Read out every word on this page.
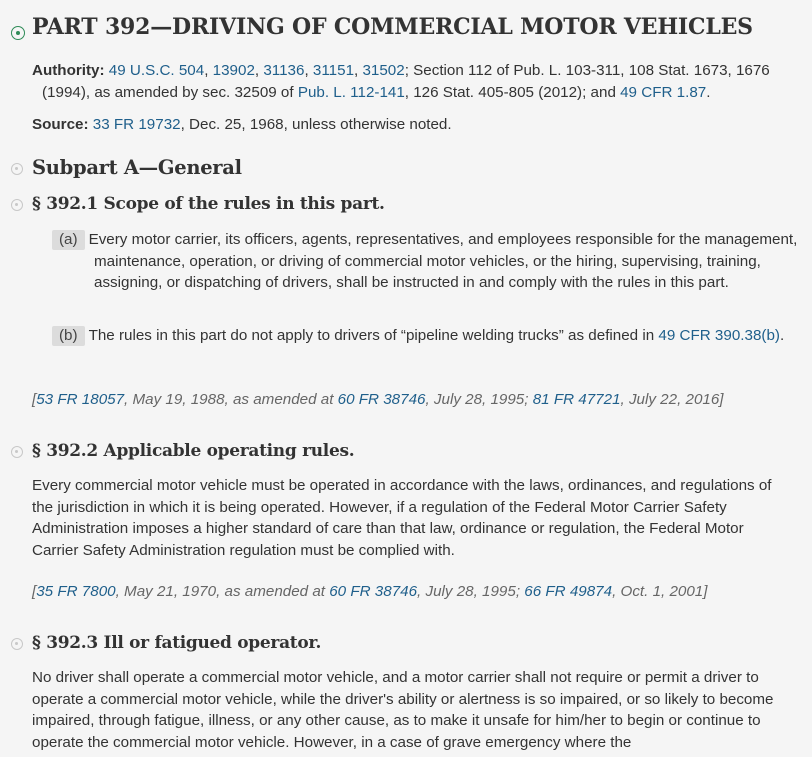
PART 392—DRIVING OF COMMERCIAL MOTOR VEHICLES
Authority: 49 U.S.C. 504, 13902, 31136, 31151, 31502; Section 112 of Pub. L. 103-311, 108 Stat. 1673, 1676 (1994), as amended by sec. 32509 of Pub. L. 112-141, 126 Stat. 405-805 (2012); and 49 CFR 1.87.
Source: 33 FR 19732, Dec. 25, 1968, unless otherwise noted.
Subpart A—General
§ 392.1 Scope of the rules in this part.
(a) Every motor carrier, its officers, agents, representatives, and employees responsible for the management, maintenance, operation, or driving of commercial motor vehicles, or the hiring, supervising, training, assigning, or dispatching of drivers, shall be instructed in and comply with the rules in this part.
(b) The rules in this part do not apply to drivers of “pipeline welding trucks” as defined in 49 CFR 390.38(b).
[53 FR 18057, May 19, 1988, as amended at 60 FR 38746, July 28, 1995; 81 FR 47721, July 22, 2016]
§ 392.2 Applicable operating rules.
Every commercial motor vehicle must be operated in accordance with the laws, ordinances, and regulations of the jurisdiction in which it is being operated. However, if a regulation of the Federal Motor Carrier Safety Administration imposes a higher standard of care than that law, ordinance or regulation, the Federal Motor Carrier Safety Administration regulation must be complied with.
[35 FR 7800, May 21, 1970, as amended at 60 FR 38746, July 28, 1995; 66 FR 49874, Oct. 1, 2001]
§ 392.3 Ill or fatigued operator.
No driver shall operate a commercial motor vehicle, and a motor carrier shall not require or permit a driver to operate a commercial motor vehicle, while the driver's ability or alertness is so impaired, or so likely to become impaired, through fatigue, illness, or any other cause, as to make it unsafe for him/her to begin or continue to operate the commercial motor vehicle. However, in a case of grave emergency where the
